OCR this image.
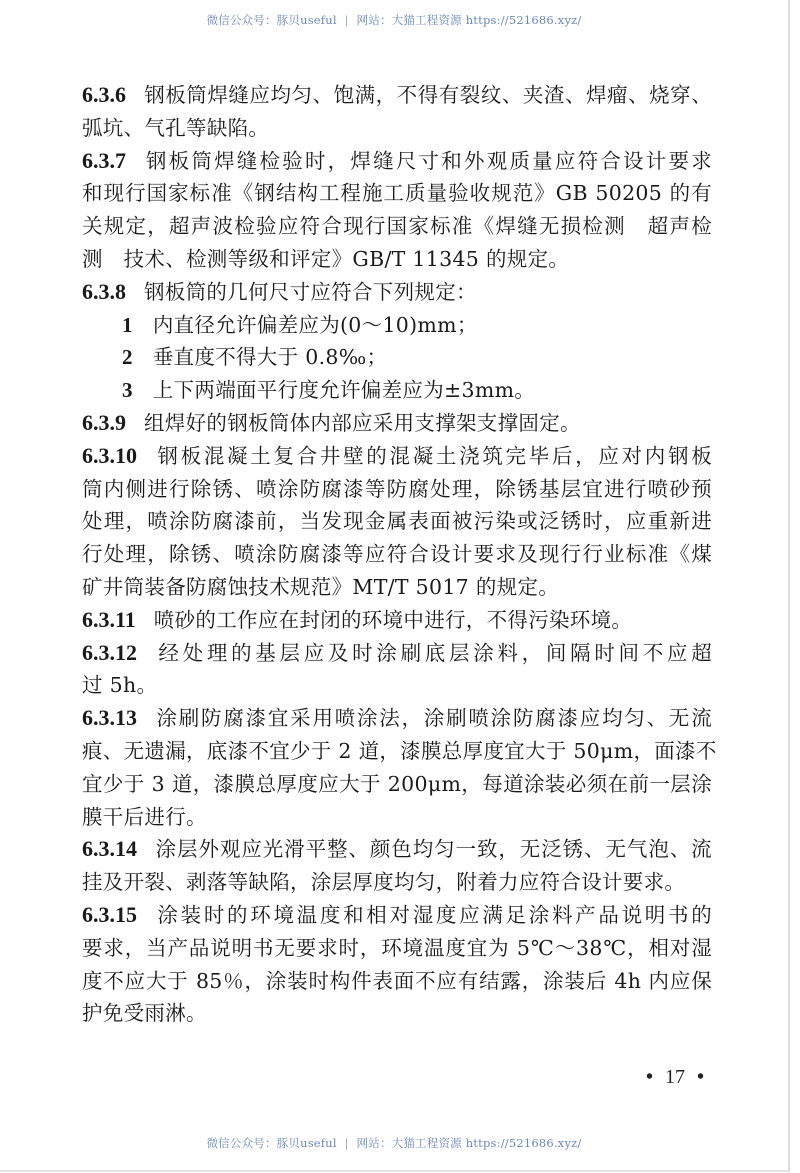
微信公众号：豚贝useful | 网站：大猫工程资源 https://521686.xyz/
6.3.6 钢板筒焊缝应均匀、饱满，不得有裂纹、夹渣、焊瘤、烧穿、
弧坑、气孔等缺陷。
6.3.7 钢板筒焊缝检验时，焊缝尺寸和外观质量应符合设计要求
和现行国家标准《钢结构工程施工质量验收规范》GB 50205 的有
关规定，超声波检验应符合现行国家标准《焊缝无损检测　超声检
测　技术、检测等级和评定》GB/T 11345 的规定。
6.3.8 钢板筒的几何尺寸应符合下列规定：
1 内直径允许偏差应为(0～10)mm；
2 垂直度不得大于 0.8‰；
3 上下两端面平行度允许偏差应为±3mm。
6.3.9 组焊好的钢板筒体内部应采用支撑架支撑固定。
6.3.10 钢板混凝土复合井壁的混凝土浇筑完毕后，应对内钢板
筒内侧进行除锈、喷涂防腐漆等防腐处理，除锈基层宜进行喷砂预
处理，喷涂防腐漆前，当发现金属表面被污染或泛锈时，应重新进
行处理，除锈、喷涂防腐漆等应符合设计要求及现行行业标准《煤
矿井筒装备防腐蚀技术规范》MT/T 5017 的规定。
6.3.11 喷砂的工作应在封闭的环境中进行，不得污染环境。
6.3.12 经处理的基层应及时涂刷底层涂料，间隔时间不应超
过 5h。
6.3.13 涂刷防腐漆宜采用喷涂法，涂刷喷涂防腐漆应均匀、无流
痕、无遗漏，底漆不宜少于 2 道，漆膜总厚度宜大于 50μm，面漆不
宜少于 3 道，漆膜总厚度应大于 200μm，每道涂装必须在前一层涂
膜干后进行。
6.3.14 涂层外观应光滑平整、颜色均匀一致，无泛锈、无气泡、流
挂及开裂、剥落等缺陷，涂层厚度均匀，附着力应符合设计要求。
6.3.15 涂装时的环境温度和相对湿度应满足涂料产品说明书的
要求，当产品说明书无要求时，环境温度宜为 5℃～38℃，相对湿
度不应大于 85％，涂装时构件表面不应有结露，涂装后 4h 内应保
护免受雨淋。
• 17 •
微信公众号：豚贝useful | 网站：大猫工程资源 https://521686.xyz/
